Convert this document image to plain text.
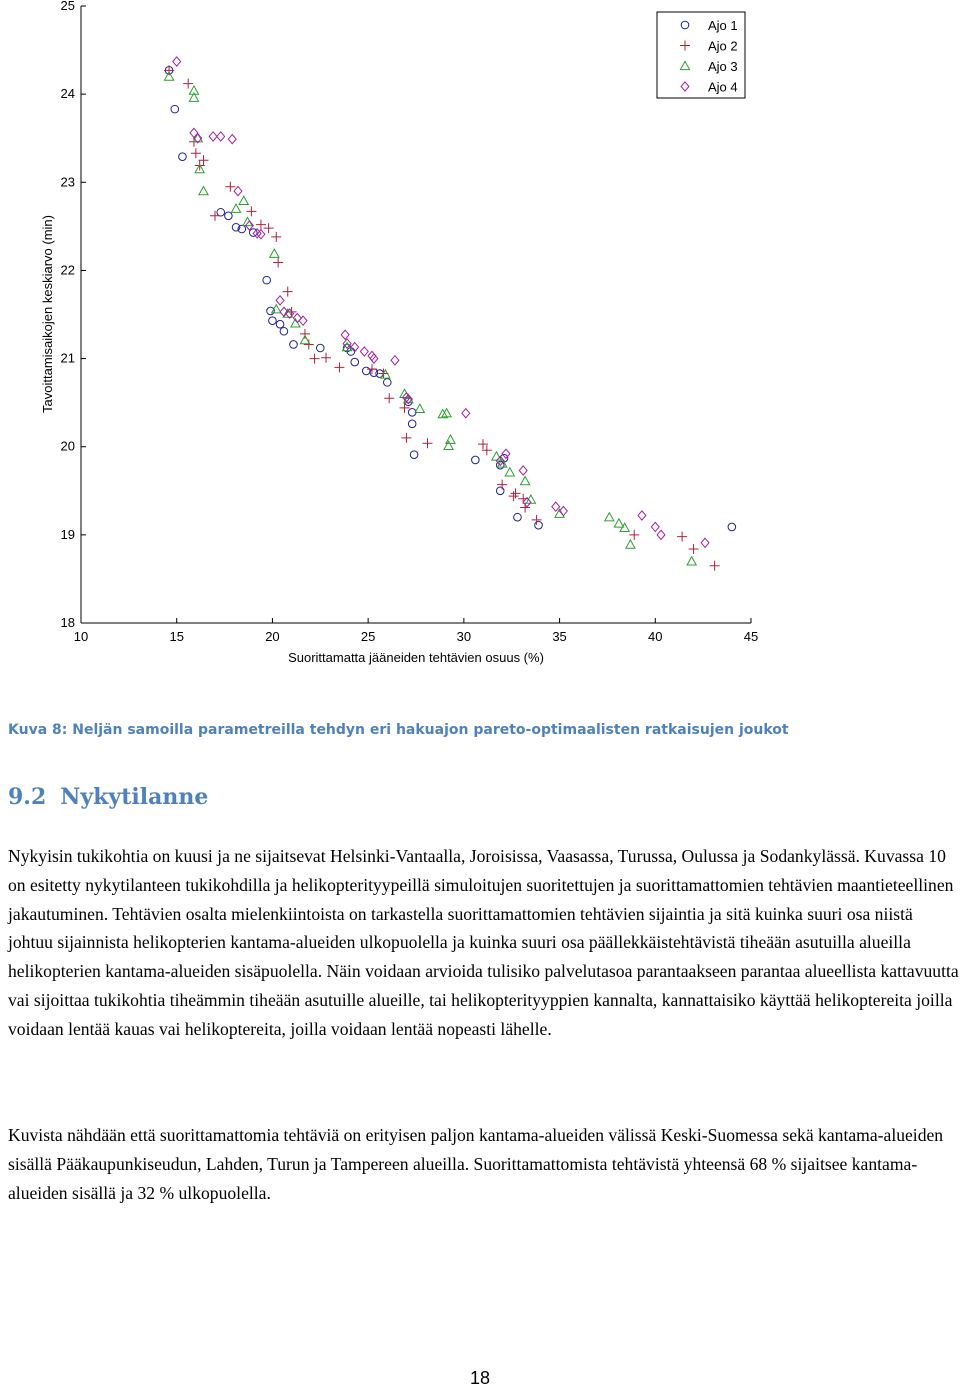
10	15	20	25	30	35	40	45
18
19
20
21
22
23
24
25
Suorittamatta jääneiden tehtävien osuus (%)
Tavoittamisaikojen keskiarvo (min)
Ajo 1
Ajo 2
Ajo 3
Ajo 4
Kuva 8: Neljän samoilla parametreilla tehdyn eri hakuajon pareto-optimaalisten ratkaisujen joukot
9.2 Nykytilanne

Nykyisin tukikohtia on kuusi ja ne sijaitsevat Helsinki-Vantaalla, Joroisissa, Vaasassa, Turussa, Oulussa ja Sodankylässä. Kuvassa 10 on esitetty nykytilanteen tukikohdilla ja helikopterityypeillä simuloitujen suoritettujen ja suorittamattomien tehtävien maantieteellinen jakautuminen. Tehtävien osalta mielenkiintoista on tarkastella suorittamattomien tehtävien sijaintia ja sitä kuinka suuri osa niistä johtuu sijainnista helikopterien kantama-alueiden ulkopuolella ja kuinka suuri osa päällekkäistehtävistä tiheään asutuilla alueilla helikopterien kantama-alueiden sisäpuolella. Näin voidaan arvioida tulisiko palvelutasoa parantaakseen parantaa alueellista kattavuutta vai sijoittaa tukikohtia tiheämmin tiheään asutuille alueille, tai helikopterityyppien kannalta, kannattaisiko käyttää helikoptereita joilla voidaan lentää kauas vai helikoptereita, joilla voidaan lentää nopeasti lähelle.

Kuvista nähdään että suorittamattomia tehtäviä on erityisen paljon kantama-alueiden välissä Keski-Suomessa sekä kantama-alueiden sisällä Pääkaupunkiseudun, Lahden, Turun ja Tampereen alueilla. Suorittamattomista tehtävistä yhteensä 68 % sijaitsee kantama-alueiden sisällä ja 32 % ulkopuolella.

18
